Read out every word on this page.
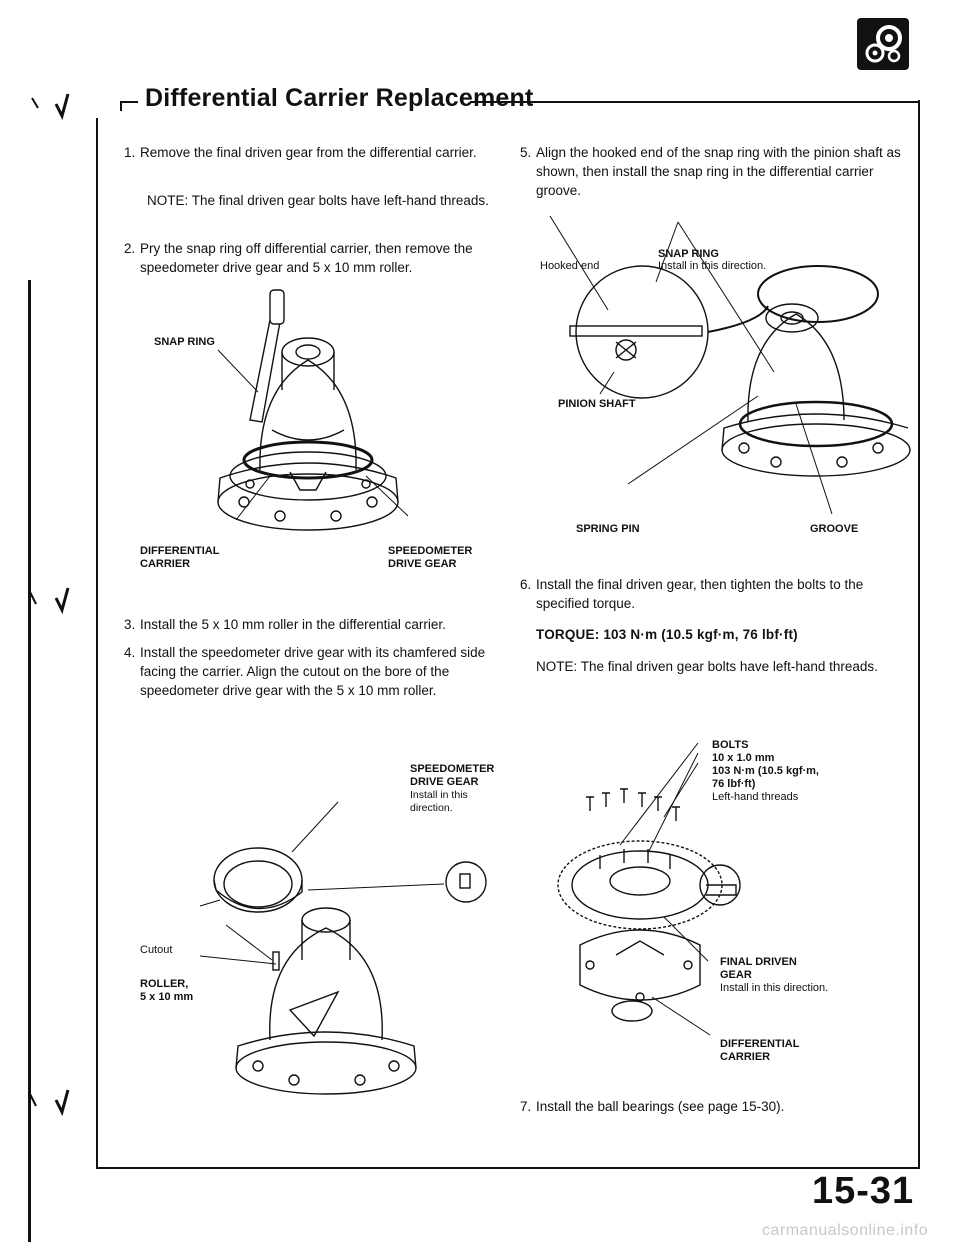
Differential Carrier Replacement
1. Remove the final driven gear from the differential carrier.
NOTE: The final driven gear bolts have left-hand threads.
2. Pry the snap ring off differential carrier, then remove the speedometer drive gear and 5 x 10 mm roller.
SNAP RING
DIFFERENTIAL CARRIER
SPEEDOMETER DRIVE GEAR
3. Install the 5 x 10 mm roller in the differential carrier.
4. Install the speedometer drive gear with its chamfered side facing the carrier. Align the cutout on the bore of the speedometer drive gear with the 5 x 10 mm roller.
SPEEDOMETER DRIVE GEAR
Install in this direction.
Cutout
ROLLER,
5 x 10 mm
5. Align the hooked end of the snap ring with the pinion shaft as shown, then install the snap ring in the differential carrier groove.
SNAP RING
Install in this direction.
Hooked end
PINION SHAFT
SPRING PIN	GROOVE
6. Install the final driven gear, then tighten the bolts to the specified torque.
TORQUE: 103 N·m (10.5 kgf·m, 76 lbf·ft)
NOTE: The final driven gear bolts have left-hand threads.
BOLTS
10 x 1.0 mm
103 N·m (10.5 kgf·m,
76 lbf·ft)
Left-hand threads
FINAL DRIVEN GEAR
Install in this direction.
DIFFERENTIAL CARRIER
7. Install the ball bearings (see page 15-30).
15-31
carmanualsonline.info
